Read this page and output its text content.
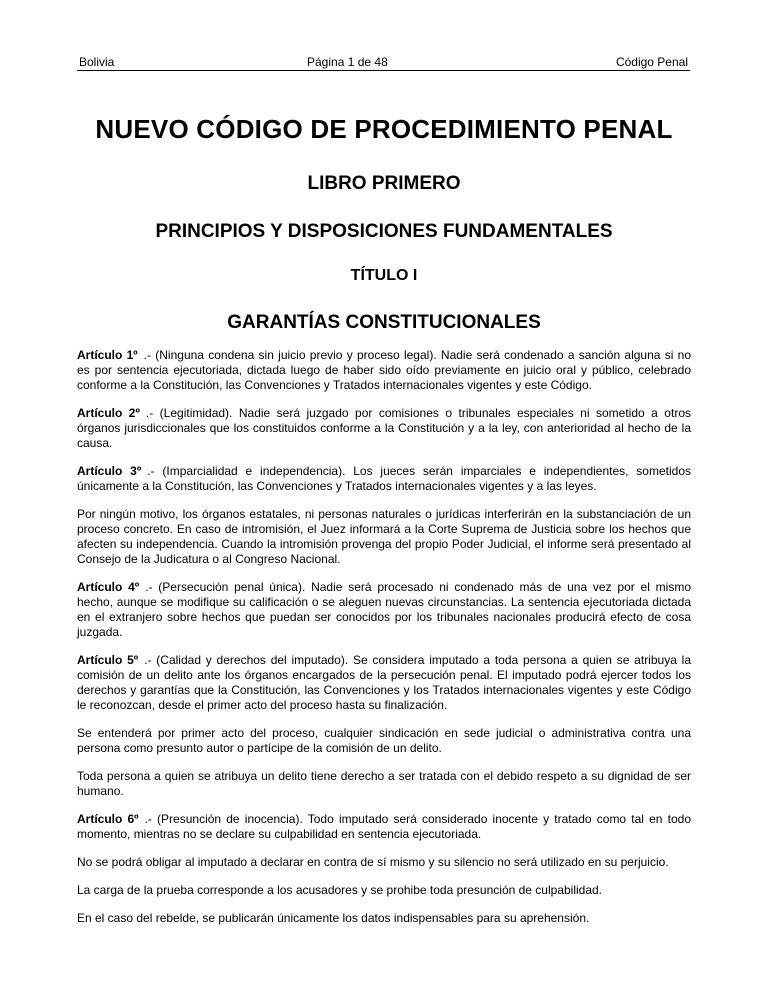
Bolivia	Página 1 de 48	Código Penal
NUEVO CÓDIGO DE PROCEDIMIENTO PENAL
LIBRO PRIMERO
PRINCIPIOS Y DISPOSICIONES FUNDAMENTALES
TÍTULO I
GARANTÍAS CONSTITUCIONALES

Artículo 1º .- (Ninguna condena sin juicio previo y proceso legal). Nadie será condenado a sanción alguna si no es por sentencia ejecutoriada, dictada luego de haber sido oído previamente en juicio oral y público, celebrado conforme a la Constitución, las Convenciones y Tratados internacionales vigentes y este Código.

Artículo 2º .- (Legitimidad). Nadie será juzgado por comisiones o tribunales especiales ni sometido a otros órganos jurisdiccionales que los constituidos conforme a la Constitución y a la ley, con anterioridad al hecho de la causa.

Artículo 3º .- (Imparcialidad e independencia). Los jueces serán imparciales e independientes, sometidos únicamente a la Constitución, las Convenciones y Tratados internacionales vigentes y a las leyes.

Por ningún motivo, los órganos estatales, ni personas naturales o jurídicas interferirán en la substanciación de un proceso concreto. En caso de intromisión, el Juez informará a la Corte Suprema de Justicia sobre los hechos que afecten su independencia. Cuando la intromisión provenga del propio Poder Judicial, el informe será presentado al Consejo de la Judicatura o al Congreso Nacional.

Artículo 4º .- (Persecución penal única). Nadie será procesado ni condenado más de una vez por el mismo hecho, aunque se modifique su calificación o se aleguen nuevas circunstancias. La sentencia ejecutoriada dictada en el extranjero sobre hechos que puedan ser conocidos por los tribunales nacionales producirá efecto de cosa juzgada.

Artículo 5º .- (Calidad y derechos del imputado). Se considera imputado a toda persona a quien se atribuya la comisión de un delito ante los órganos encargados de la persecución penal. El imputado podrá ejercer todos los derechos y garantías que la Constitución, las Convenciones y los Tratados internacionales vigentes y este Código le reconozcan, desde el primer acto del proceso hasta su finalización.

Se entenderá por primer acto del proceso, cualquier sindicación en sede judicial o administrativa contra una persona como presunto autor o partícipe de la comisión de un delito.

Toda persona a quien se atribuya un delito tiene derecho a ser tratada con el debido respeto a su dignidad de ser humano.

Artículo 6º .- (Presunción de inocencia). Todo imputado será considerado inocente y tratado como tal en todo momento, mientras no se declare su culpabilidad en sentencia ejecutoriada.

No se podrá obligar al imputado a declarar en contra de sí mismo y su silencio no será utilizado en su perjuicio.

La carga de la prueba corresponde a los acusadores y se prohibe toda presunción de culpabilidad.

En el caso del rebelde, se publicarán únicamente los datos indispensables para su aprehensión.
